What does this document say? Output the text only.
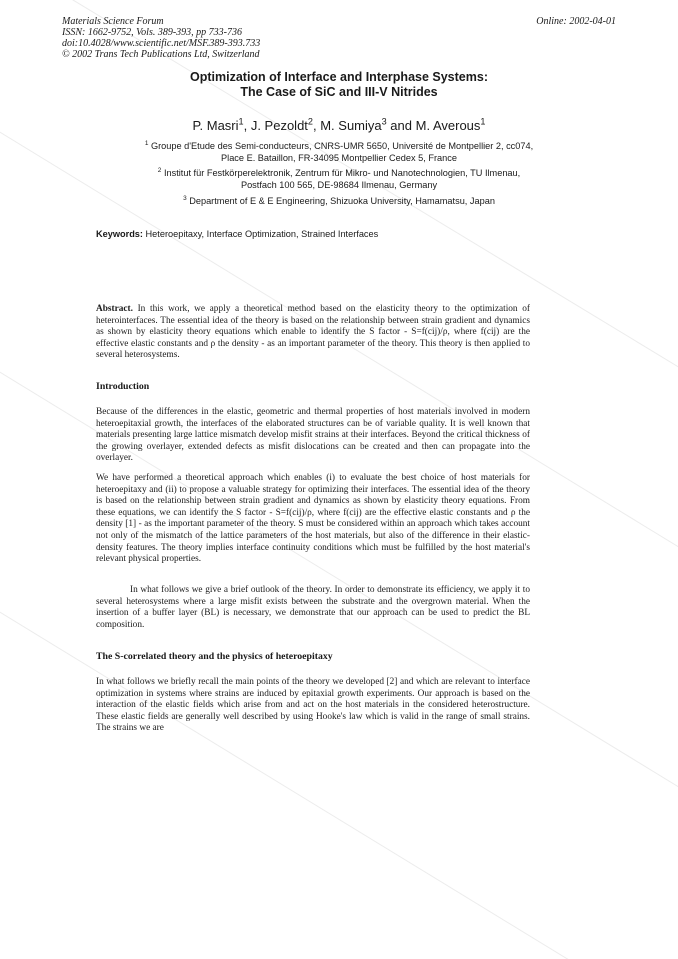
Materials Science Forum
ISSN: 1662-9752, Vols. 389-393, pp 733-736
doi:10.4028/www.scientific.net/MSF.389-393.733
© 2002 Trans Tech Publications Ltd, Switzerland
Online: 2002-04-01
Optimization of Interface and Interphase Systems:
The Case of SiC and III-V Nitrides
P. Masri$^1$, J. Pezoldt$^2$, M. Sumiya$^3$ and M. Averous$^1$
$^1$ Groupe d'Etude des Semi-conducteurs, CNRS-UMR 5650, Université de Montpellier 2, cc074,
Place E. Bataillon, FR-34095 Montpellier Cedex 5, France
$^2$ Institut für Festkörperelektronik, Zentrum für Mikro- und Nanotechnologien, TU Ilmenau,
Postfach 100 565, DE-98684 Ilmenau, Germany
$^3$ Department of E & E Engineering, Shizuoka University, Hamamatsu, Japan
Keywords: Heteroepitaxy, Interface Optimization, Strained Interfaces

Abstract. In this work, we apply a theoretical method based on the elasticity theory to the optimization of heterointerfaces. The essential idea of the theory is based on the relationship between strain gradient and dynamics as shown by elasticity theory equations which enable to identify the S factor - S=f(cij)/ρ, where f(cij) are the effective elastic constants and ρ the density - as an important parameter of the theory. This theory is then applied to several heterosystems.

Introduction

Because of the differences in the elastic, geometric and thermal properties of host materials involved in modern heteroepitaxial growth, the interfaces of the elaborated structures can be of variable quality. It is well known that materials presenting large lattice mismatch develop misfit strains at their interfaces. Beyond the critical thickness of the growing overlayer, extended defects as misfit dislocations can be created and then can propagate into the overlayer.

We have performed a theoretical approach which enables (i) to evaluate the best choice of host materials for heteroepitaxy and (ii) to propose a valuable strategy for optimizing their interfaces. The essential idea of the theory is based on the relationship between strain gradient and dynamics as shown by elasticity theory equations. From these equations, we can identify the S factor - S=f(cij)/ρ, where f(cij) are the effective elastic constants and ρ the density [1] - as the important parameter of the theory. S must be considered within an approach which takes account not only of the mismatch of the lattice parameters of the host materials, but also of the difference in their elastic-density features. The theory implies interface continuity conditions which must be fulfilled by the host material's relevant physical properties.

In what follows we give a brief outlook of the theory. In order to demonstrate its efficiency, we apply it to several heterosystems where a large misfit exists between the substrate and the overgrown material. When the insertion of a buffer layer (BL) is necessary, we demonstrate that our approach can be used to predict the BL composition.

The S-correlated theory and the physics of heteroepitaxy

In what follows we briefly recall the main points of the theory we developed [2] and which are relevant to interface optimization in systems where strains are induced by epitaxial growth experiments. Our approach is based on the interaction of the elastic fields which arise from and act on the host materials in the considered heterostructure. These elastic fields are generally well described by using Hooke's law which is valid in the range of small strains. The strains we are
